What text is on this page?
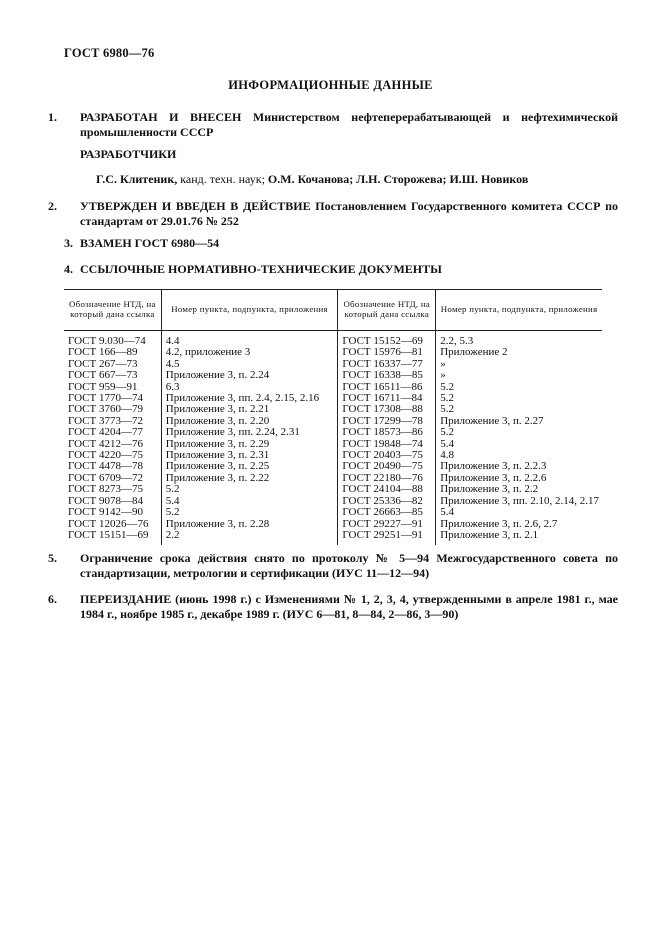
ГОСТ 6980—76
ИНФОРМАЦИОННЫЕ ДАННЫЕ
1. РАЗРАБОТАН И ВНЕСЕН Министерством нефтеперерабатывающей и нефтехимической промышленности СССР
РАЗРАБОТЧИКИ
Г.С. Клитеник, канд. техн. наук; О.М. Кочанова; Л.Н. Сторожева; И.Ш. Новиков
2. УТВЕРЖДЕН И ВВЕДЕН В ДЕЙСТВИЕ Постановлением Государственного комитета СССР по стандартам от 29.01.76 № 252
3. ВЗАМЕН ГОСТ 6980—54
4. ССЫЛОЧНЫЕ НОРМАТИВНО-ТЕХНИЧЕСКИЕ ДОКУМЕНТЫ
Обозначение НТД, на который дана ссылка	Номер пункта, подпункта, приложения	Обозначение НТД, на который дана ссылка	Номер пункта, подпункта, приложения
ГОСТ 9.030—74	4.4	ГОСТ 15152—69	2.2, 5.3
ГОСТ 166—89	4.2, приложение 3	ГОСТ 15976—81	Приложение 2
ГОСТ 267—73	4.5	ГОСТ 16337—77	»
ГОСТ 667—73	Приложение 3, п. 2.24	ГОСТ 16338—85	»
ГОСТ 959—91	6.3	ГОСТ 16511—86	5.2
ГОСТ 1770—74	Приложение 3, пп. 2.4, 2.15, 2.16	ГОСТ 16711—84	5.2
ГОСТ 3760—79	Приложение 3, п. 2.21	ГОСТ 17308—88	5.2
ГОСТ 3773—72	Приложение 3, п. 2.20	ГОСТ 17299—78	Приложение 3, п. 2.27
ГОСТ 4204—77	Приложение 3, пп. 2.24, 2.31	ГОСТ 18573—86	5.2
ГОСТ 4212—76	Приложение 3, п. 2.29	ГОСТ 19848—74	5.4
ГОСТ 4220—75	Приложение 3, п. 2.31	ГОСТ 20403—75	4.8
ГОСТ 4478—78	Приложение 3, п. 2.25	ГОСТ 20490—75	Приложение 3, п. 2.2.3
ГОСТ 6709—72	Приложение 3, п. 2.22	ГОСТ 22180—76	Приложение 3, п. 2.2.6
ГОСТ 8273—75	5.2	ГОСТ 24104—88	Приложение 3, п. 2.2
ГОСТ 9078—84	5.4	ГОСТ 25336—82	Приложение 3, пп. 2.10, 2.14, 2.17
ГОСТ 9142—90	5.2	ГОСТ 26663—85	5.4
ГОСТ 12026—76	Приложение 3, п. 2.28	ГОСТ 29227—91	Приложение 3, п. 2.6, 2.7
ГОСТ 15151—69	2.2	ГОСТ 29251—91	Приложение 3, п. 2.1
5. Ограничение срока действия снято по протоколу № 5—94 Межгосударственного совета по стандартизации, метрологии и сертификации (ИУС 11—12—94)
6. ПЕРЕИЗДАНИЕ (июнь 1998 г.) с Изменениями № 1, 2, 3, 4, утвержденными в апреле 1981 г., мае 1984 г., ноябре 1985 г., декабре 1989 г. (ИУС 6—81, 8—84, 2—86, 3—90)
